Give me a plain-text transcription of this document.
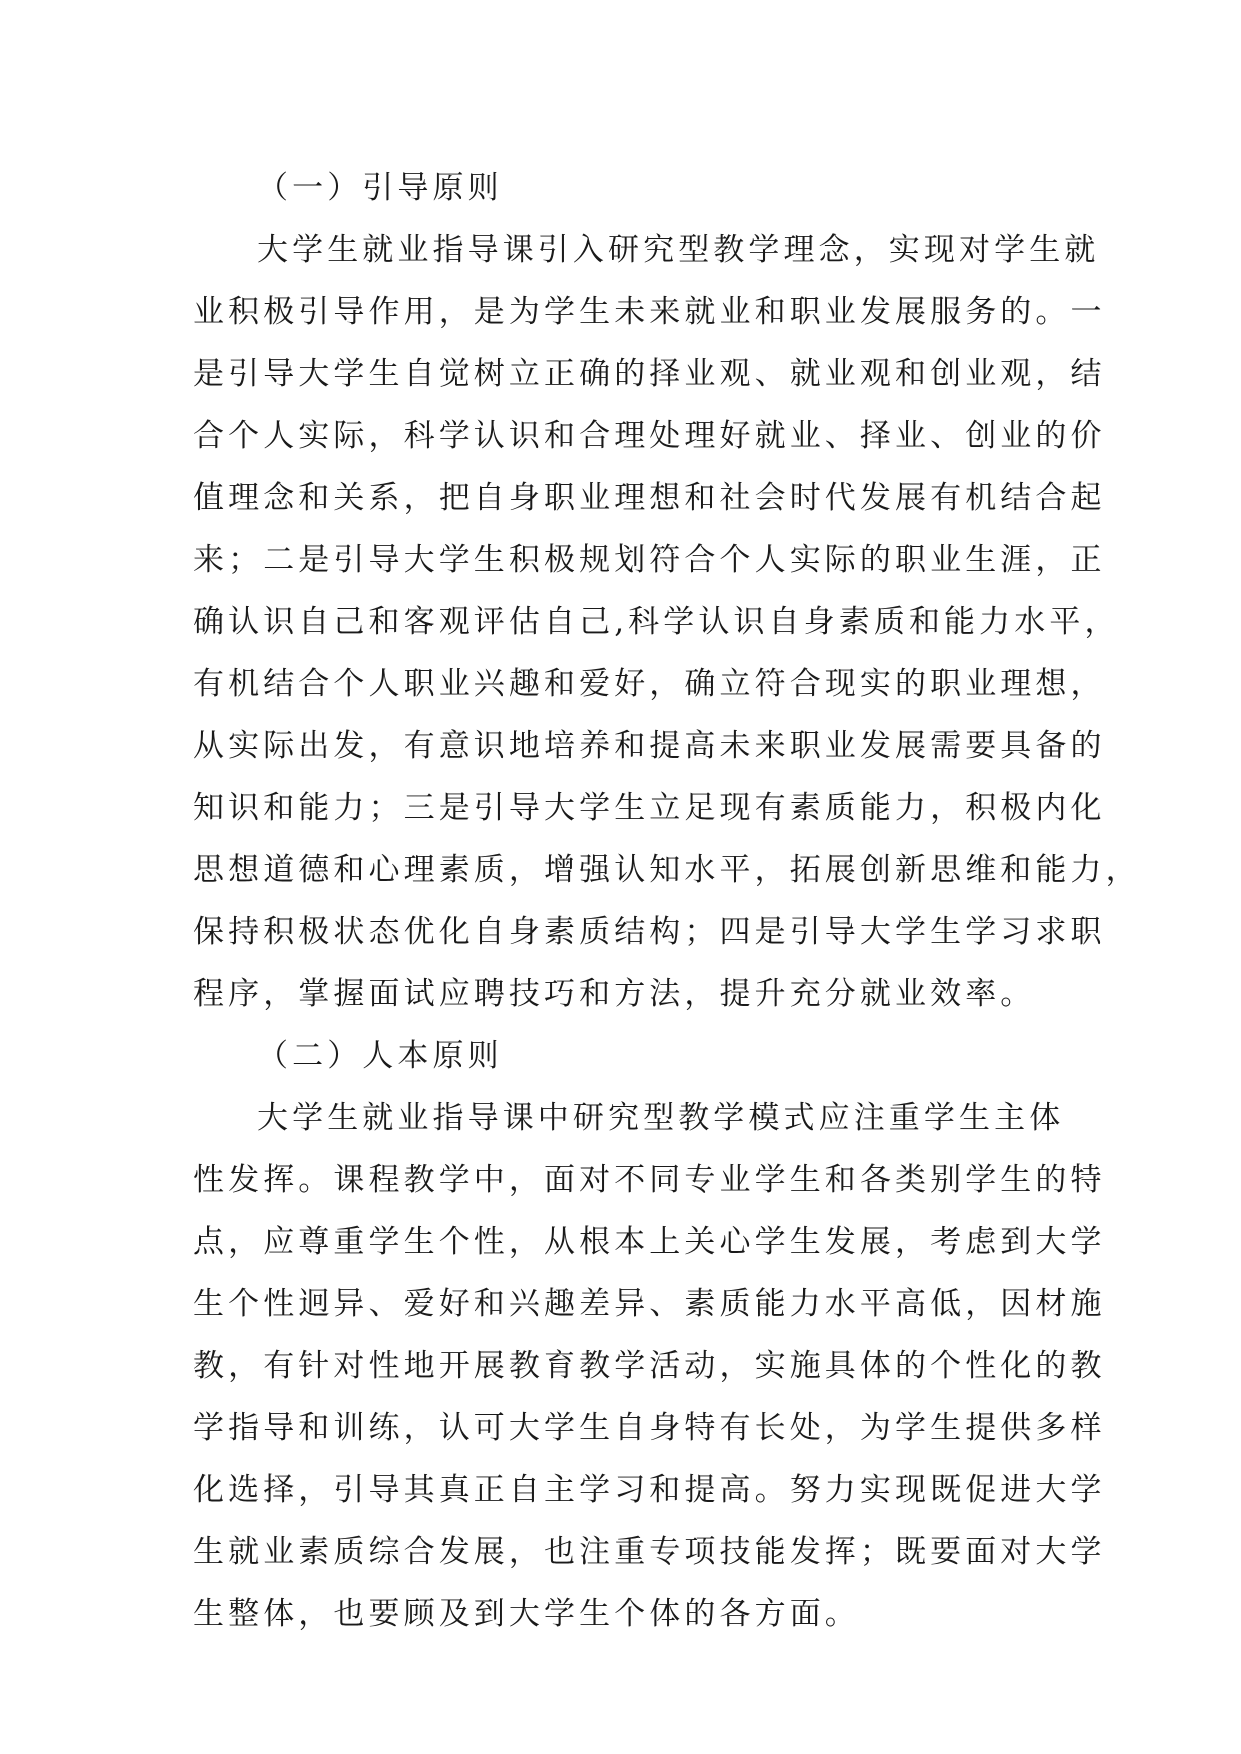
（一）引导原则
大学生就业指导课引入研究型教学理念，实现对学生就
业积极引导作用，是为学生未来就业和职业发展服务的。一
是引导大学生自觉树立正确的择业观、就业观和创业观，结
合个人实际，科学认识和合理处理好就业、择业、创业的价
值理念和关系，把自身职业理想和社会时代发展有机结合起
来；二是引导大学生积极规划符合个人实际的职业生涯，正
确认识自己和客观评估自己,科学认识自身素质和能力水平，
有机结合个人职业兴趣和爱好，确立符合现实的职业理想，
从实际出发，有意识地培养和提高未来职业发展需要具备的
知识和能力；三是引导大学生立足现有素质能力，积极内化
思想道德和心理素质，增强认知水平，拓展创新思维和能力，
保持积极状态优化自身素质结构；四是引导大学生学习求职
程序，掌握面试应聘技巧和方法，提升充分就业效率。
（二）人本原则
大学生就业指导课中研究型教学模式应注重学生主体
性发挥。课程教学中，面对不同专业学生和各类别学生的特
点，应尊重学生个性，从根本上关心学生发展，考虑到大学
生个性迥异、爱好和兴趣差异、素质能力水平高低，因材施
教，有针对性地开展教育教学活动，实施具体的个性化的教
学指导和训练，认可大学生自身特有长处，为学生提供多样
化选择，引导其真正自主学习和提高。努力实现既促进大学
生就业素质综合发展，也注重专项技能发挥；既要面对大学
生整体，也要顾及到大学生个体的各方面。
